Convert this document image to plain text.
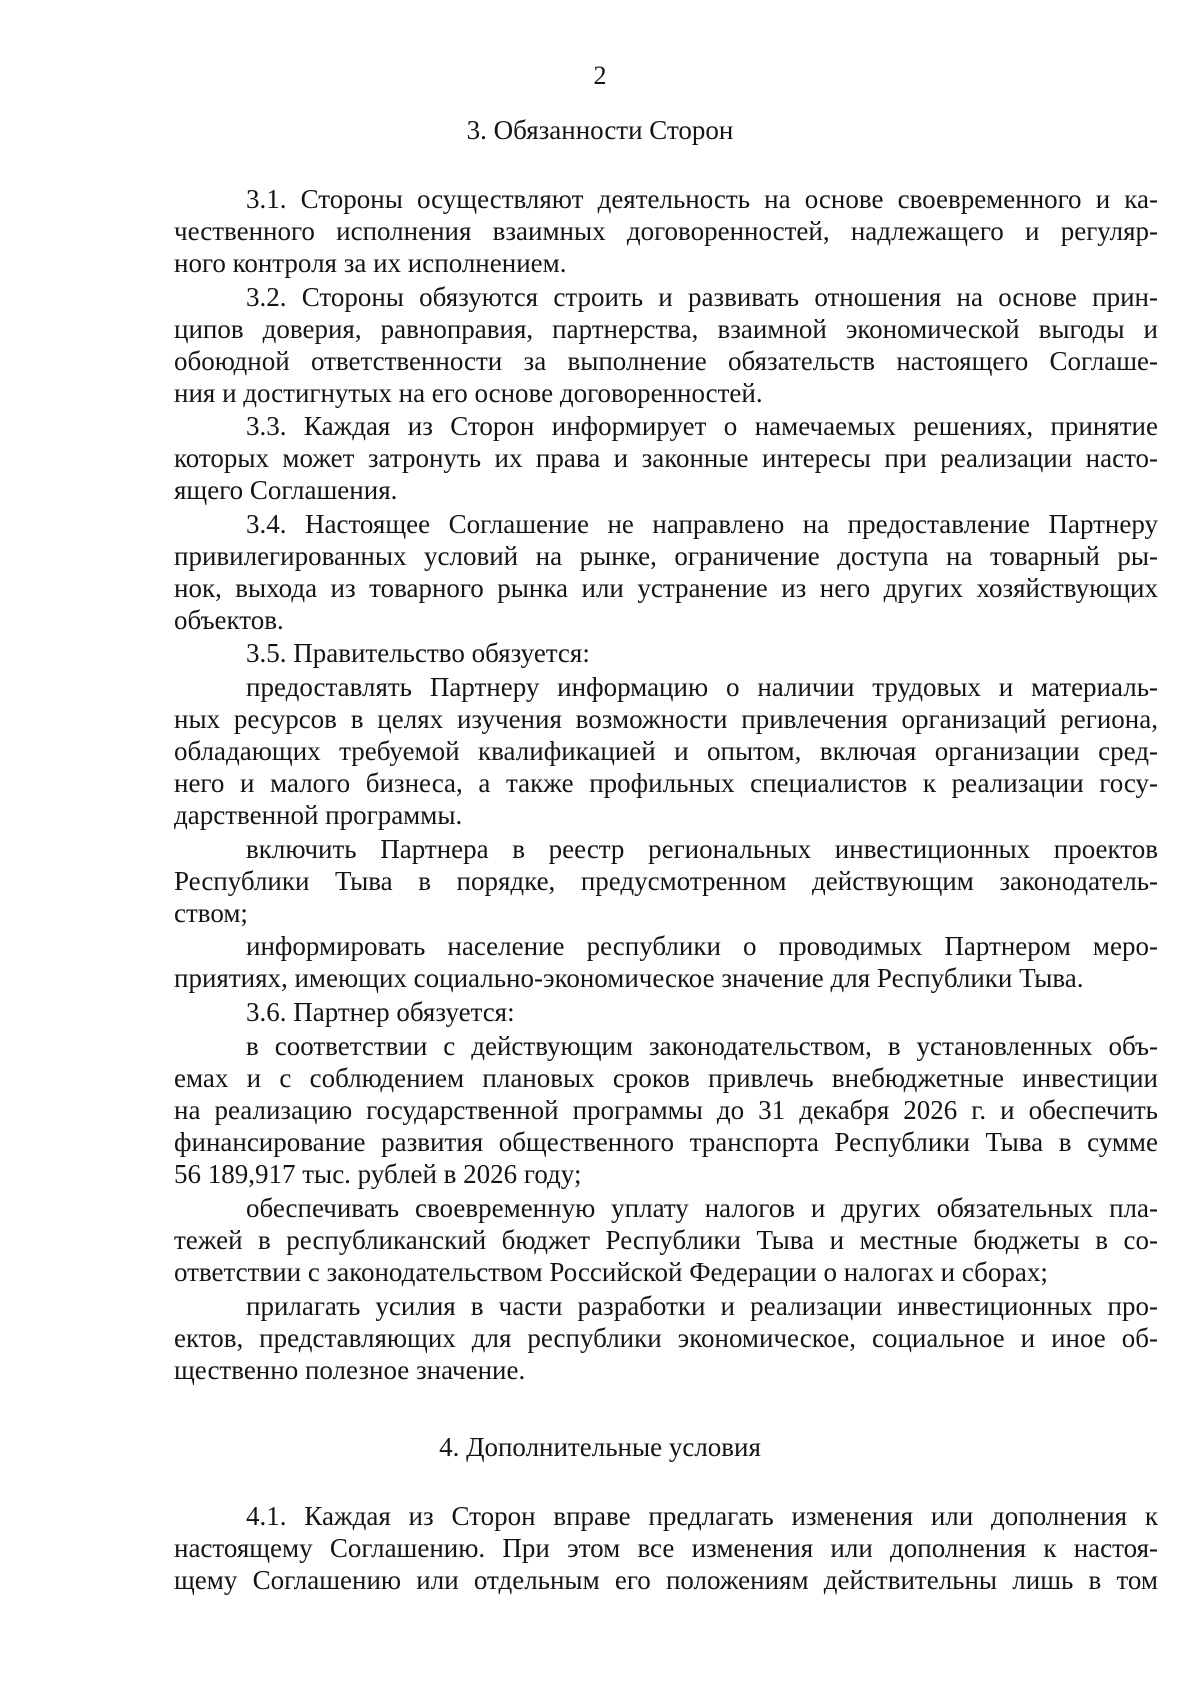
2
3. Обязанности Сторон
3.1. Стороны осуществляют деятельность на основе своевременного и ка-
чественного исполнения взаимных договоренностей, надлежащего и регуляр-
ного контроля за их исполнением.
3.2. Стороны обязуются строить и развивать отношения на основе прин-
ципов доверия, равноправия, партнерства, взаимной экономической выгоды и
обоюдной ответственности за выполнение обязательств настоящего Соглаше-
ния и достигнутых на его основе договоренностей.
3.3. Каждая из Сторон информирует о намечаемых решениях, принятие
которых может затронуть их права и законные интересы при реализации насто-
ящего Соглашения.
3.4. Настоящее Соглашение не направлено на предоставление Партнеру
привилегированных условий на рынке, ограничение доступа на товарный ры-
нок, выхода из товарного рынка или устранение из него других хозяйствующих
объектов.
3.5. Правительство обязуется:
предоставлять Партнеру информацию о наличии трудовых и материаль-
ных ресурсов в целях изучения возможности привлечения организаций региона,
обладающих требуемой квалификацией и опытом, включая организации сред-
него и малого бизнеса, а также профильных специалистов к реализации госу-
дарственной программы.
включить Партнера в реестр региональных инвестиционных проектов
Республики Тыва в порядке, предусмотренном действующим законодатель-
ством;
информировать население республики о проводимых Партнером меро-
приятиях, имеющих социально-экономическое значение для Республики Тыва.
3.6. Партнер обязуется:
в соответствии с действующим законодательством, в установленных объ-
емах и с соблюдением плановых сроков привлечь внебюджетные инвестиции
на реализацию государственной программы до 31 декабря 2026 г. и обеспечить
финансирование развития общественного транспорта Республики Тыва в сумме
56 189,917 тыс. рублей в 2026 году;
обеспечивать своевременную уплату налогов и других обязательных пла-
тежей в республиканский бюджет Республики Тыва и местные бюджеты в со-
ответствии с законодательством Российской Федерации о налогах и сборах;
прилагать усилия в части разработки и реализации инвестиционных про-
ектов, представляющих для республики экономическое, социальное и иное об-
щественно полезное значение.
4. Дополнительные условия
4.1. Каждая из Сторон вправе предлагать изменения или дополнения к
настоящему Соглашению. При этом все изменения или дополнения к настоя-
щему Соглашению или отдельным его положениям действительны лишь в том
